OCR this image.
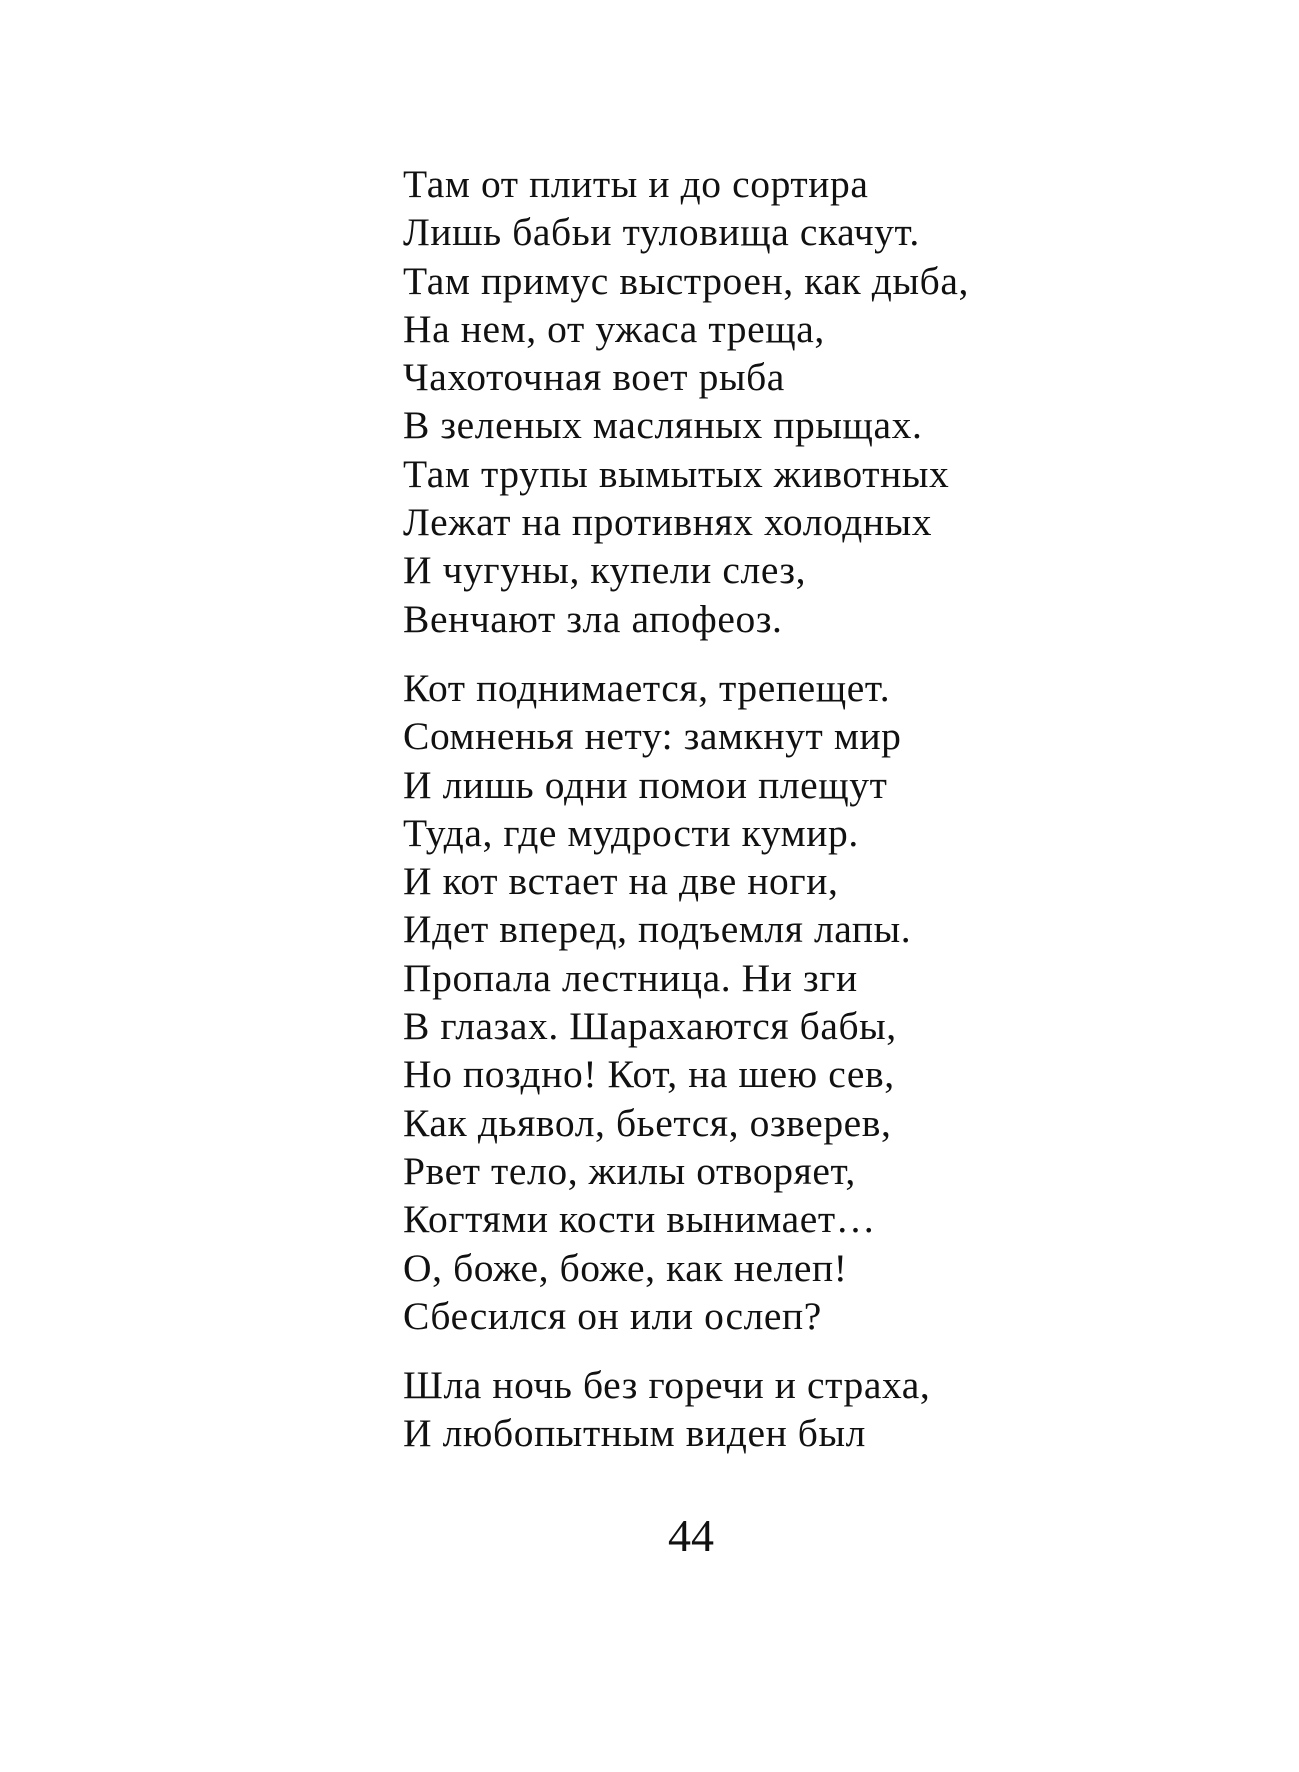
Там от плиты и до сортира
Лишь бабьи туловища скачут.
Там примус выстроен, как дыба,
На нем, от ужаса треща,
Чахоточная воет рыба
В зеленых масляных прыщах.
Там трупы вымытых животных
Лежат на противнях холодных
И чугуны, купели слез,
Венчают зла апофеоз.
Кот поднимается, трепещет.
Сомненья нету: замкнут мир
И лишь одни помои плещут
Туда, где мудрости кумир.
И кот встает на две ноги,
Идет вперед, подъемля лапы.
Пропала лестница. Ни зги
В глазах. Шарахаются бабы,
Но поздно! Кот, на шею сев,
Как дьявол, бьется, озверев,
Рвет тело, жилы отворяет,
Когтями кости вынимает…
О, боже, боже, как нелеп!
Сбесился он или ослеп?
Шла ночь без горечи и страха,
И любопытным виден был
44
